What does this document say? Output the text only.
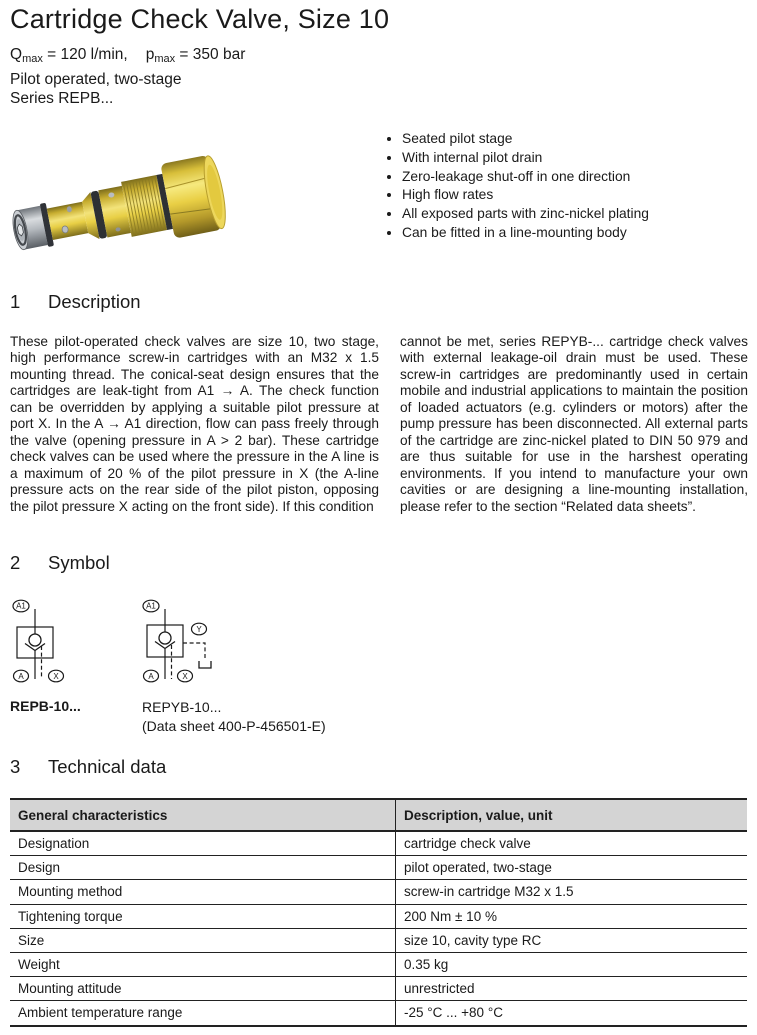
Cartridge Check Valve, Size 10
Qmax = 120 l/min, pmax = 350 bar
Pilot operated, two-stage
Series REPB...
• Seated pilot stage
• With internal pilot drain
• Zero-leakage shut-off in one direction
• High flow rates
• All exposed parts with zinc-nickel plating
• Can be fitted in a line-mounting body
1 Description
These pilot-operated check valves are size 10, two stage, high performance screw-in cartridges with an M32 x 1.5 mounting thread. The conical-seat design ensures that the cartridges are leak-tight from A1 → A. The check function can be overridden by applying a suitable pilot pressure at port X. In the A → A1 direction, flow can pass freely through the valve (opening pressure in A > 2 bar). These cartridge check valves can be used where the pressure in the A line is a maximum of 20 % of the pilot pressure in X (the A-line pressure acts on the rear side of the pilot piston, opposing the pilot pressure X acting on the front side). If this condition
cannot be met, series REPYB-... cartridge check valves with external leakage-oil drain must be used. These screw-in cartridges are predominantly used in certain mobile and industrial applications to maintain the position of loaded actuators (e.g. cylinders or motors) after the pump pressure has been disconnected. All external parts of the cartridge are zinc-nickel plated to DIN 50 979 and are thus suitable for use in the harshest operating environments. If you intend to manufacture your own cavities or are designing a line-mounting installation, please refer to the section “Related data sheets”.
2 Symbol
A1
A	X
A1
Y
A	X
REPB-10...	REPYB-10...
(Data sheet 400-P-456501-E)
3 Technical data
General characteristics	Description, value, unit
Designation	cartridge check valve
Design	pilot operated, two-stage
Mounting method	screw-in cartridge M32 x 1.5
Tightening torque	200 Nm ± 10 %
Size	size 10, cavity type RC
Weight	0.35 kg
Mounting attitude	unrestricted
Ambient temperature range	-25 °C ... +80 °C
